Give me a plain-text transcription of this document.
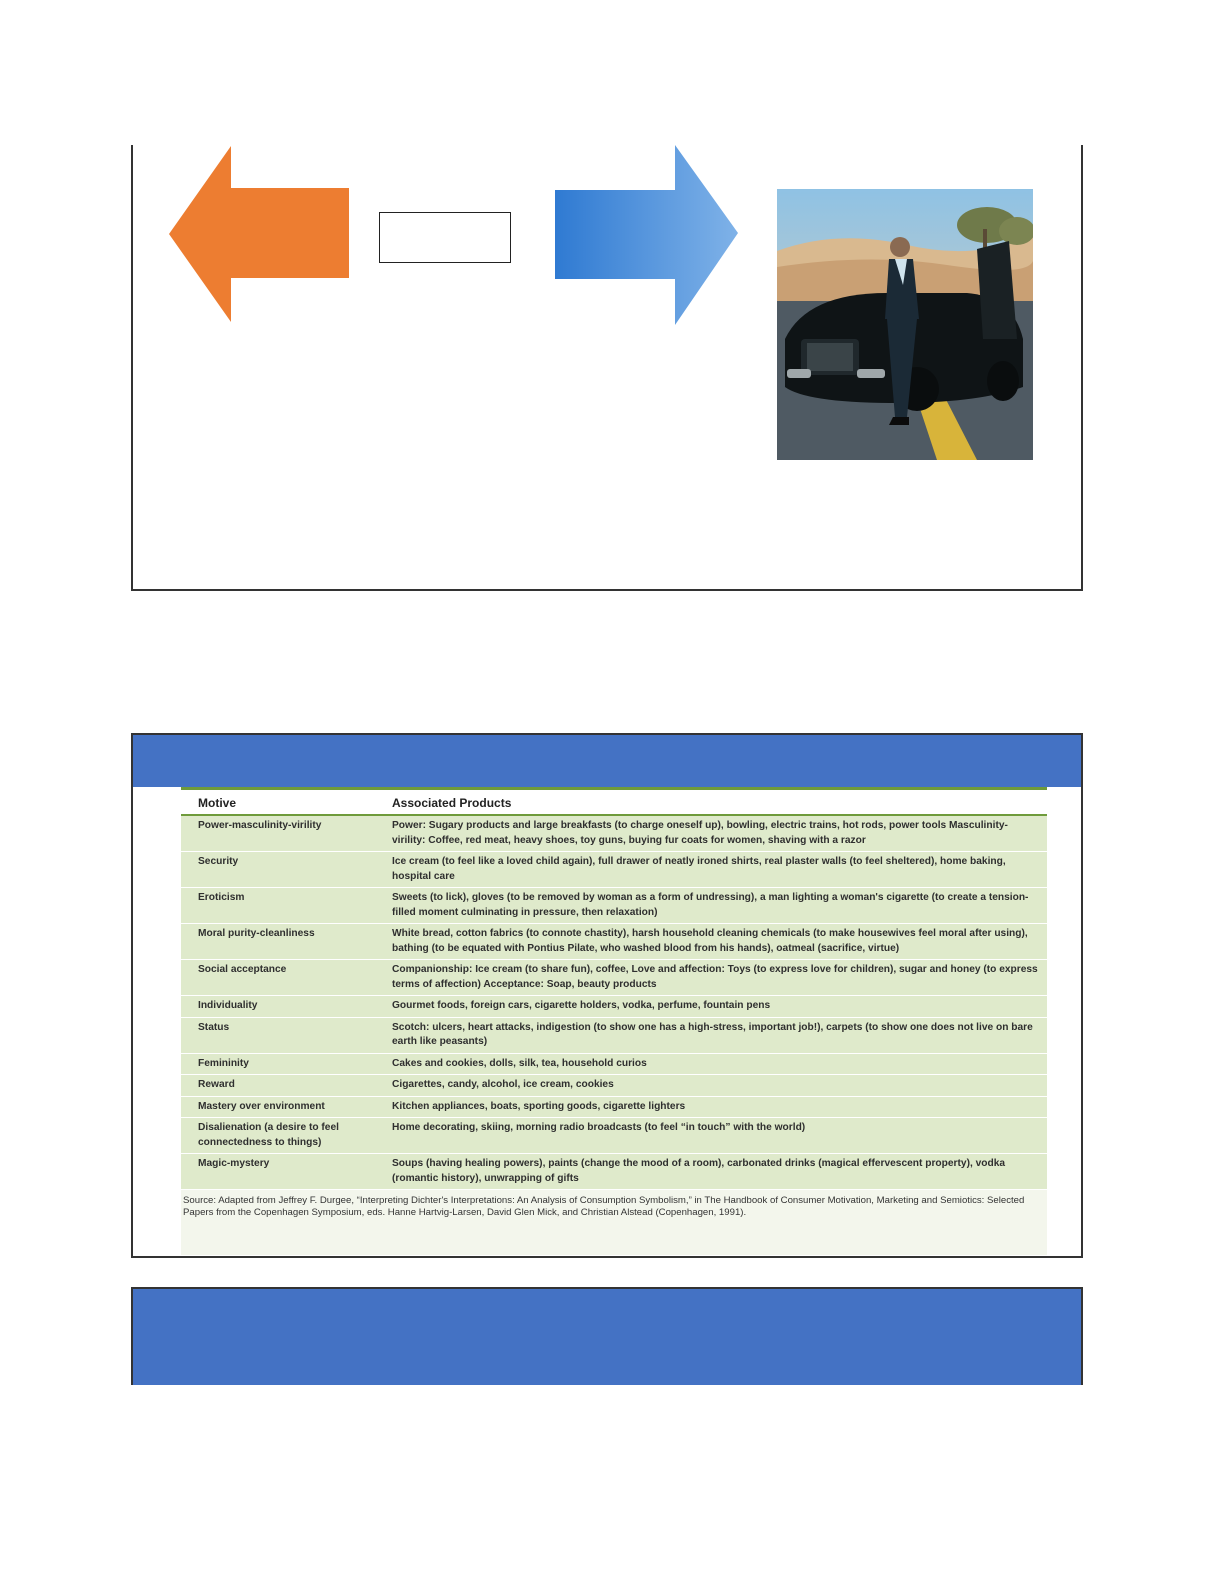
Motive	Associated Products
Power-masculinity-virility	Power: Sugary products and large breakfasts (to charge oneself up), bowling, electric trains, hot rods, power tools Masculinity-virility: Coffee, red meat, heavy shoes, toy guns, buying fur coats for women, shaving with a razor
Security	Ice cream (to feel like a loved child again), full drawer of neatly ironed shirts, real plaster walls (to feel sheltered), home baking, hospital care
Eroticism	Sweets (to lick), gloves (to be removed by woman as a form of undressing), a man lighting a woman's cigarette (to create a tension-filled moment culminating in pressure, then relaxation)
Moral purity-cleanliness	White bread, cotton fabrics (to connote chastity), harsh household cleaning chemicals (to make housewives feel moral after using), bathing (to be equated with Pontius Pilate, who washed blood from his hands), oatmeal (sacrifice, virtue)
Social acceptance	Companionship: Ice cream (to share fun), coffee, Love and affection: Toys (to express love for children), sugar and honey (to express terms of affection) Acceptance: Soap, beauty products
Individuality	Gourmet foods, foreign cars, cigarette holders, vodka, perfume, fountain pens
Status	Scotch: ulcers, heart attacks, indigestion (to show one has a high-stress, important job!), carpets (to show one does not live on bare earth like peasants)
Femininity	Cakes and cookies, dolls, silk, tea, household curios
Reward	Cigarettes, candy, alcohol, ice cream, cookies
Mastery over environment	Kitchen appliances, boats, sporting goods, cigarette lighters
Disalienation (a desire to feel connectedness to things)	Home decorating, skiing, morning radio broadcasts (to feel “in touch” with the world)
Magic-mystery	Soups (having healing powers), paints (change the mood of a room), carbonated drinks (magical effervescent property), vodka (romantic history), unwrapping of gifts
Source: Adapted from Jeffrey F. Durgee, “Interpreting Dichter's Interpretations: An Analysis of Consumption Symbolism,” in The Handbook of Consumer Motivation, Marketing and Semiotics: Selected Papers from the Copenhagen Symposium, eds. Hanne Hartvig-Larsen, David Glen Mick, and Christian Alstead (Copenhagen, 1991).
